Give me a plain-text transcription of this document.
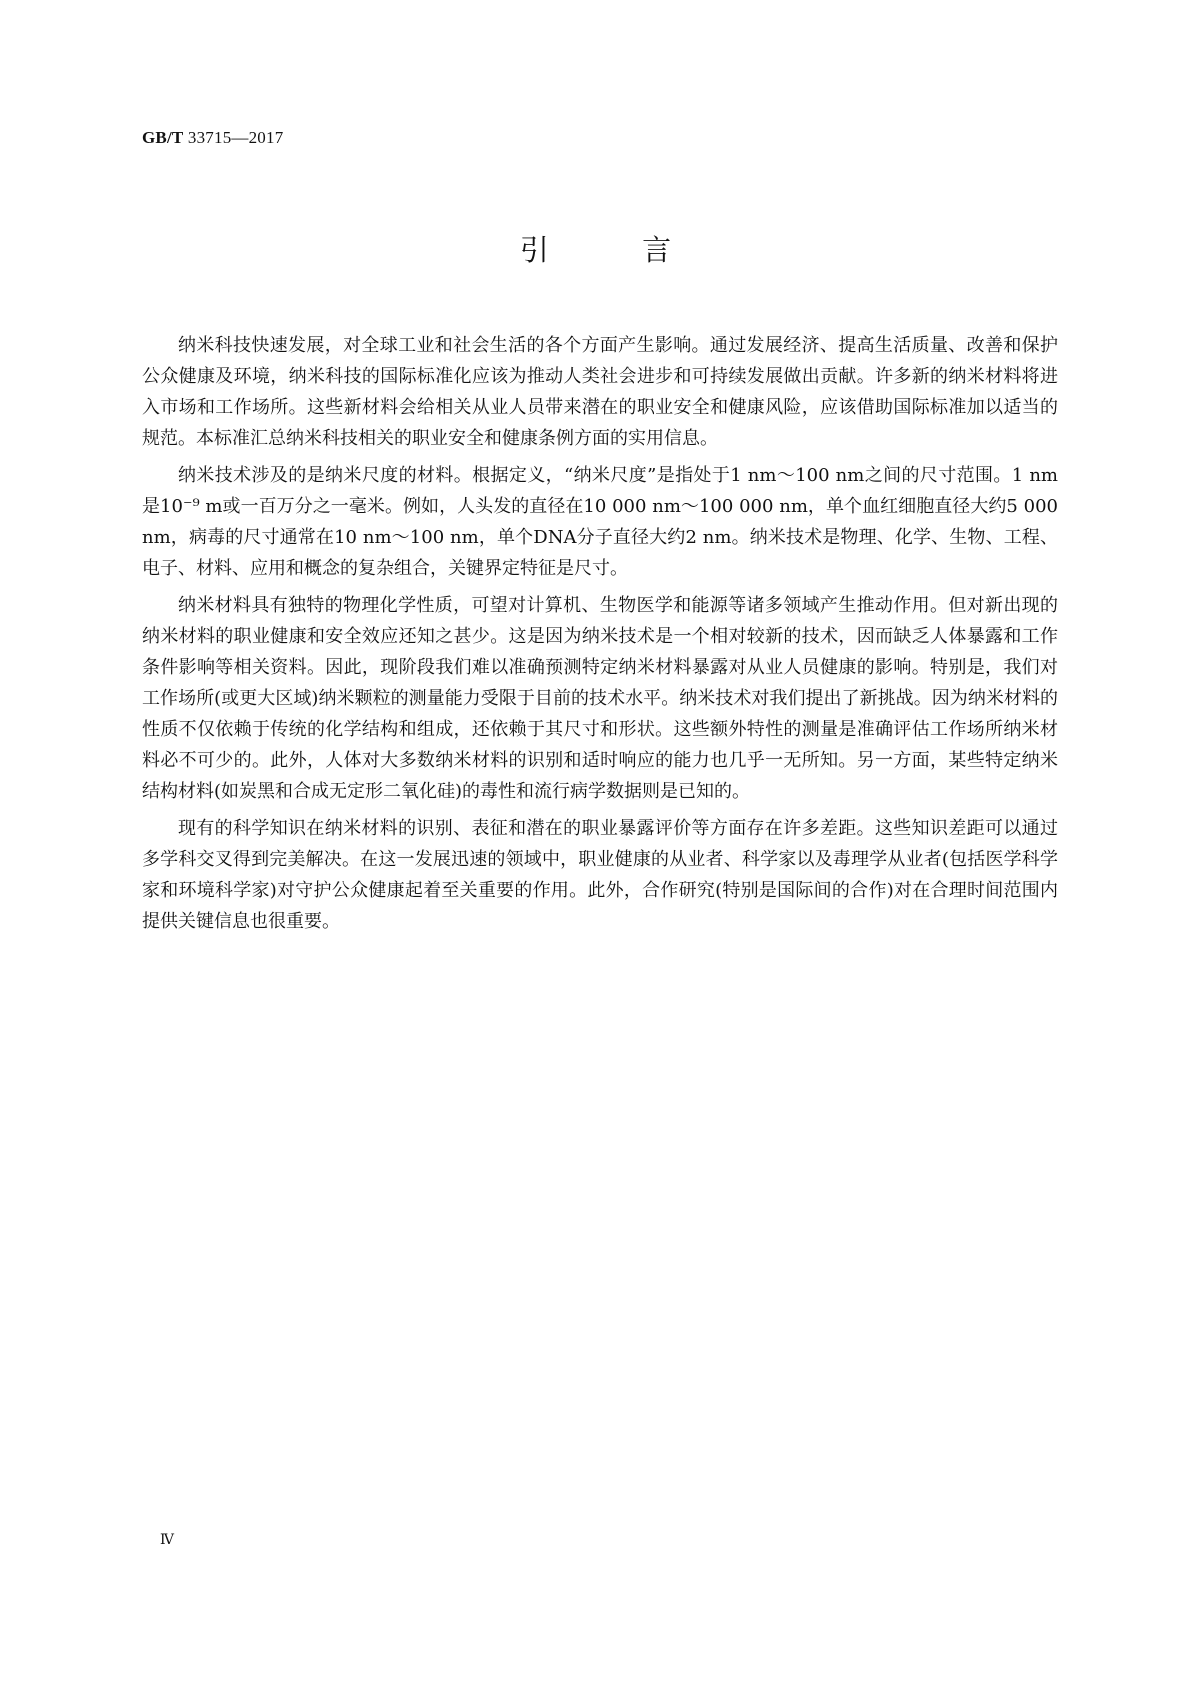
GB/T 33715—2017
引 言

纳米科技快速发展，对全球工业和社会生活的各个方面产生影响。通过发展经济、提高生活质量、改善和保护公众健康及环境，纳米科技的国际标准化应该为推动人类社会进步和可持续发展做出贡献。许多新的纳米材料将进入市场和工作场所。这些新材料会给相关从业人员带来潜在的职业安全和健康风险，应该借助国际标准加以适当的规范。本标准汇总纳米科技相关的职业安全和健康条例方面的实用信息。

纳米技术涉及的是纳米尺度的材料。根据定义，“纳米尺度”是指处于1 nm～100 nm之间的尺寸范围。1 nm是10⁻⁹ m或一百万分之一毫米。例如，人头发的直径在10 000 nm～100 000 nm，单个血红细胞直径大约5 000 nm，病毒的尺寸通常在10 nm～100 nm，单个DNA分子直径大约2 nm。纳米技术是物理、化学、生物、工程、电子、材料、应用和概念的复杂组合，关键界定特征是尺寸。

纳米材料具有独特的物理化学性质，可望对计算机、生物医学和能源等诸多领域产生推动作用。但对新出现的纳米材料的职业健康和安全效应还知之甚少。这是因为纳米技术是一个相对较新的技术，因而缺乏人体暴露和工作条件影响等相关资料。因此，现阶段我们难以准确预测特定纳米材料暴露对从业人员健康的影响。特别是，我们对工作场所(或更大区域)纳米颗粒的测量能力受限于目前的技术水平。纳米技术对我们提出了新挑战。因为纳米材料的性质不仅依赖于传统的化学结构和组成，还依赖于其尺寸和形状。这些额外特性的测量是准确评估工作场所纳米材料必不可少的。此外，人体对大多数纳米材料的识别和适时响应的能力也几乎一无所知。另一方面，某些特定纳米结构材料(如炭黑和合成无定形二氧化硅)的毒性和流行病学数据则是已知的。

现有的科学知识在纳米材料的识别、表征和潜在的职业暴露评价等方面存在许多差距。这些知识差距可以通过多学科交叉得到完美解决。在这一发展迅速的领域中，职业健康的从业者、科学家以及毒理学从业者(包括医学科学家和环境科学家)对守护公众健康起着至关重要的作用。此外，合作研究(特别是国际间的合作)对在合理时间范围内提供关键信息也很重要。

Ⅳ
